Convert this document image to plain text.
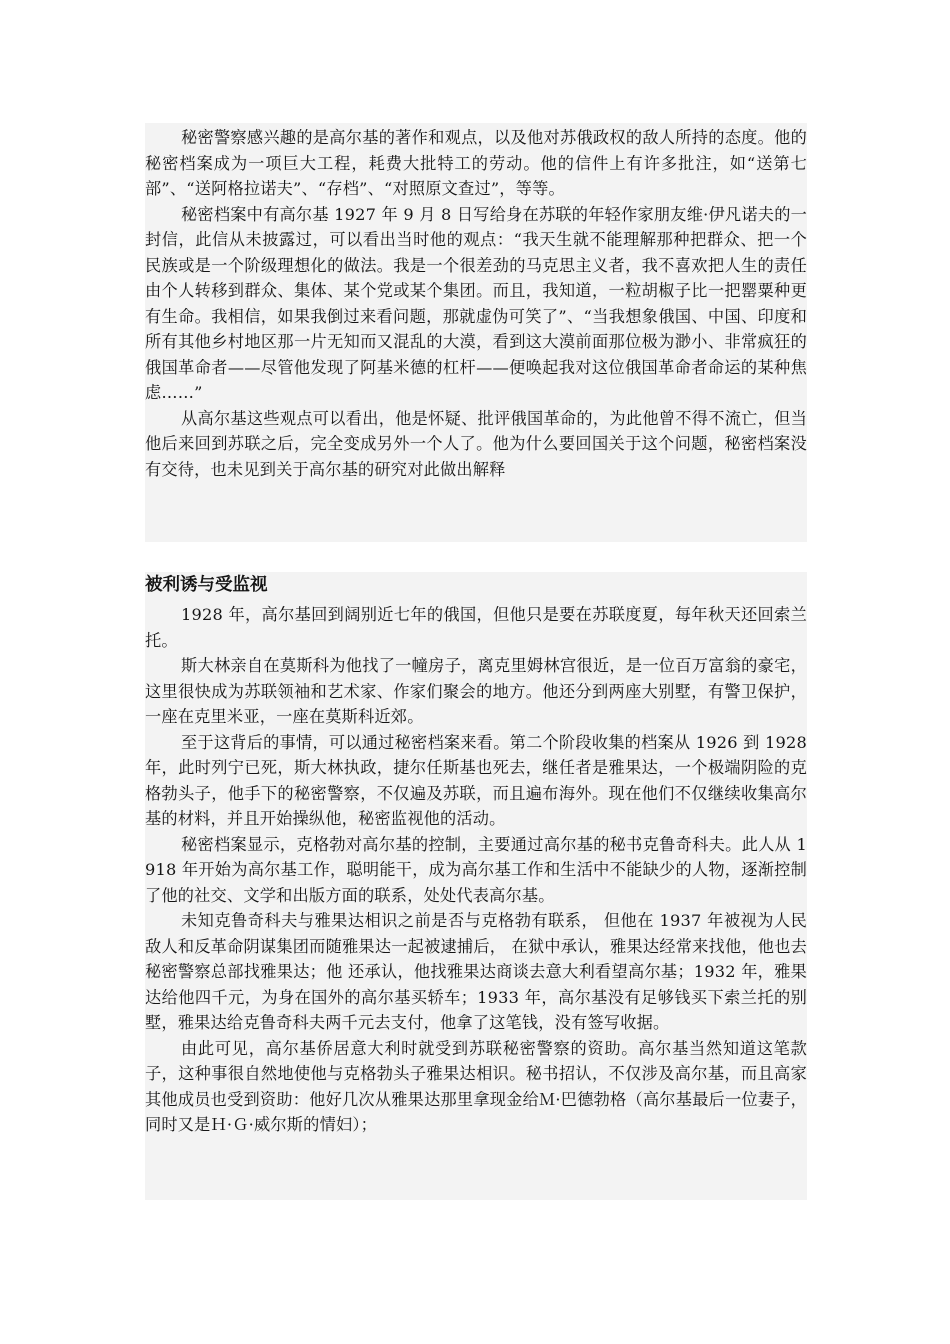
秘密警察感兴趣的是高尔基的著作和观点，以及他对苏俄政权的敌人所持的态度。他的秘密档案成为一项巨大工程，耗费大批特工的劳动。他的信件上有许多批注，如“送第七部”、“送阿格拉诺夫”、“存档”、“对照原文查过”，等等。

秘密档案中有高尔基 1927 年 9 月 8 日写给身在苏联的年轻作家朋友维·伊凡诺夫的一封信，此信从未披露过，可以看出当时他的观点：“我天生就不能理解那种把群众、把一个民族或是一个阶级理想化的做法。我是一个很差劲的马克思主义者，我不喜欢把人生的责任由个人转移到群众、集体、某个党或某个集团。而且，我知道，一粒胡椒子比一把罂粟种更有生命。我相信，如果我倒过来看问题，那就虚伪可笑了”、“当我想象俄国、中国、印度和所有其他乡村地区那一片无知而又混乱的大漠，看到这大漠前面那位极为渺小、非常疯狂的俄国革命者——尽管他发现了阿基米德的杠杆——便唤起我对这位俄国革命者命运的某种焦虑……”

从高尔基这些观点可以看出，他是怀疑、批评俄国革命的，为此他曾不得不流亡，但当他后来回到苏联之后，完全变成另外一个人了。他为什么要回国关于这个问题，秘密档案没有交待，也未见到关于高尔基的研究对此做出解释

被利诱与受监视

1928 年，高尔基回到阔别近七年的俄国，但他只是要在苏联度夏，每年秋天还回索兰托。

斯大林亲自在莫斯科为他找了一幢房子，离克里姆林宫很近，是一位百万富翁的豪宅，这里很快成为苏联领袖和艺术家、作家们聚会的地方。他还分到两座大别墅，有警卫保护，一座在克里米亚，一座在莫斯科近郊。

至于这背后的事情，可以通过秘密档案来看。第二个阶段收集的档案从 1926 到 1928 年，此时列宁已死，斯大林执政，捷尔任斯基也死去，继任者是雅果达，一个极端阴险的克格勃头子，他手下的秘密警察，不仅遍及苏联，而且遍布海外。现在他们不仅继续收集高尔基的材料，并且开始操纵他，秘密监视他的活动。

秘密档案显示，克格勃对高尔基的控制，主要通过高尔基的秘书克鲁奇科夫。此人从 1918 年开始为高尔基工作，聪明能干，成为高尔基工作和生活中不能缺少的人物，逐渐控制了他的社交、文学和出版方面的联系，处处代表高尔基。

未知克鲁奇科夫与雅果达相识之前是否与克格勃有联系， 但他在 1937 年被视为人民敌人和反革命阴谋集团而随雅果达一起被逮捕后， 在狱中承认，雅果达经常来找他，他也去秘密警察总部找雅果达；他 还承认，他找雅果达商谈去意大利看望高尔基；1932 年，雅果达给他四千元，为身在国外的高尔基买轿车；1933 年，高尔基没有足够钱买下索兰托的别墅，雅果达给克鲁奇科夫两千元去支付，他拿了这笔钱，没有签写收据。

由此可见，高尔基侨居意大利时就受到苏联秘密警察的资助。高尔基当然知道这笔款子，这种事很自然地使他与克格勃头子雅果达相识。秘书招认，不仅涉及高尔基，而且高家其他成员也受到资助：他好几次从雅果达那里拿现金给Ｍ·巴德勃格（高尔基最后一位妻子， 同时又是Ｈ·Ｇ·威尔斯的情妇）；
